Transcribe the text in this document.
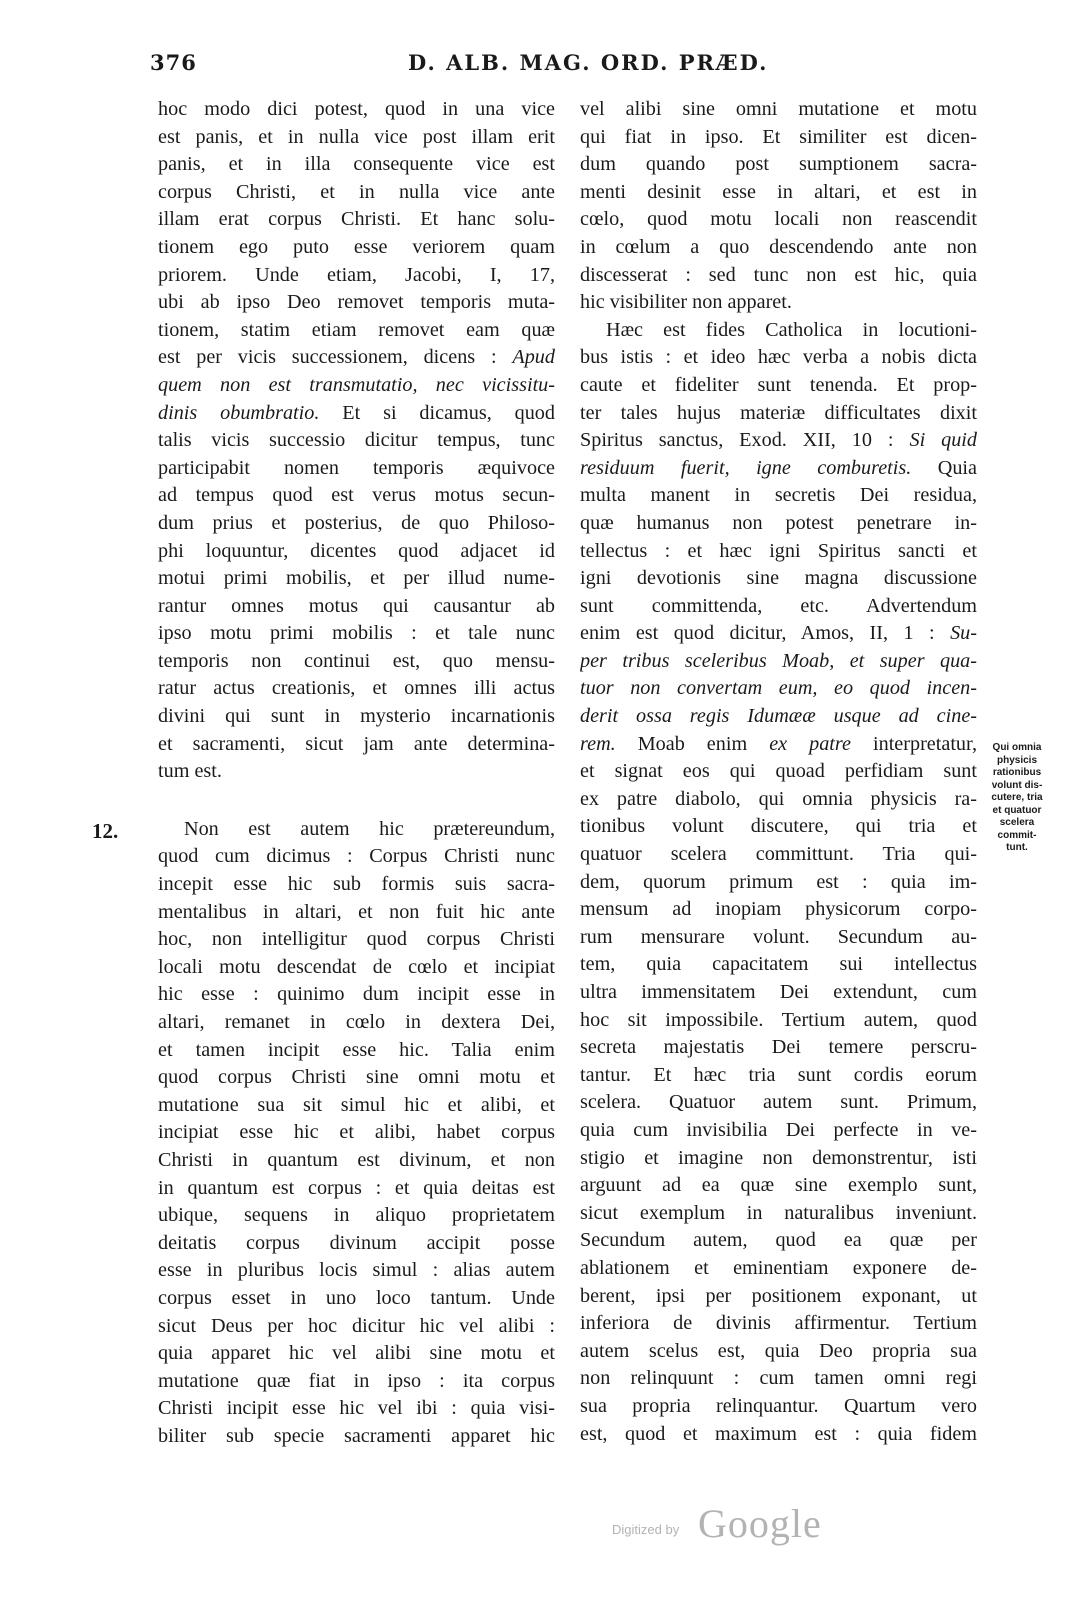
376	D. ALB. MAG. ORD. PRÆD.
hoc modo dici potest, quod in una vice
est panis, et in nulla vice post illam erit
panis, et in illa consequente vice est
corpus Christi, et in nulla vice ante
illam erat corpus Christi. Et hanc solu-
tionem ego puto esse veriorem quam
priorem. Unde etiam, Jacobi, I, 17,
ubi ab ipso Deo removet temporis muta-
tionem, statim etiam removet eam quæ
est per vicis successionem, dicens : Apud
quem non est transmutatio, nec vicissitu-
dinis obumbratio. Et si dicamus, quod
talis vicis successio dicitur tempus, tunc
participabit nomen temporis æquivoce
ad tempus quod est verus motus secun-
dum prius et posterius, de quo Philoso-
phi loquuntur, dicentes quod adjacet id
motui primi mobilis, et per illud nume-
rantur omnes motus qui causantur ab
ipso motu primi mobilis : et tale nunc
temporis non continui est, quo mensu-
ratur actus creationis, et omnes illi actus
divini qui sunt in mysterio incarnationis
et sacramenti, sicut jam ante determina-
tum est.
Non est autem hic prætereundum,
quod cum dicimus : Corpus Christi nunc
incepit esse hic sub formis suis sacra-
mentalibus in altari, et non fuit hic ante
hoc, non intelligitur quod corpus Christi
locali motu descendat de cœlo et incipiat
hic esse : quinimo dum incipit esse in
altari, remanet in cœlo in dextera Dei,
et tamen incipit esse hic. Talia enim
quod corpus Christi sine omni motu et
mutatione sua sit simul hic et alibi, et
incipiat esse hic et alibi, habet corpus
Christi in quantum est divinum, et non
in quantum est corpus : et quia deitas est
ubique, sequens in aliquo proprietatem
deitatis corpus divinum accipit posse
esse in pluribus locis simul : alias autem
corpus esset in uno loco tantum. Unde
sicut Deus per hoc dicitur hic vel alibi :
quia apparet hic vel alibi sine motu et
mutatione quæ fiat in ipso : ita corpus
Christi incipit esse hic vel ibi : quia visi-
biliter sub specie sacramenti apparet hic
12.
vel alibi sine omni mutatione et motu
qui fiat in ipso. Et similiter est dicen-
dum quando post sumptionem sacra-
menti desinit esse in altari, et est in
cœlo, quod motu locali non reascendit
in cœlum a quo descendendo ante non
discesserat : sed tunc non est hic, quia
hic visibiliter non apparet.
Hæc est fides Catholica in locutioni-
bus istis : et ideo hæc verba a nobis dicta
caute et fideliter sunt tenenda. Et prop-
ter tales hujus materiæ difficultates dixit
Spiritus sanctus, Exod. XII, 10 : Si quid
residuum fuerit, igne comburetis. Quia
multa manent in secretis Dei residua,
quæ humanus non potest penetrare in-
tellectus : et hæc igni Spiritus sancti et
igni devotionis sine magna discussione
sunt committenda, etc. Advertendum
enim est quod dicitur, Amos, II, 1 : Su-
per tribus sceleribus Moab, et super qua-
tuor non convertam eum, eo quod incen-
derit ossa regis Idumææ usque ad cine-
rem. Moab enim ex patre interpretatur,
et signat eos qui quoad perfidiam sunt
ex patre diabolo, qui omnia physicis ra-
tionibus volunt discutere, qui tria et
quatuor scelera committunt. Tria qui-
dem, quorum primum est : quia im-
mensum ad inopiam physicorum corpo-
rum mensurare volunt. Secundum au-
tem, quia capacitatem sui intellectus
ultra immensitatem Dei extendunt, cum
hoc sit impossibile. Tertium autem, quod
secreta majestatis Dei temere perscru-
tantur. Et hæc tria sunt cordis eorum
scelera. Quatuor autem sunt. Primum,
quia cum invisibilia Dei perfecte in ve-
stigio et imagine non demonstrentur, isti
arguunt ad ea quæ sine exemplo sunt,
sicut exemplum in naturalibus inveniunt.
Secundum autem, quod ea quæ per
ablationem et eminentiam exponere de-
berent, ipsi per positionem exponant, ut
inferiora de divinis affirmentur. Tertium
autem scelus est, quia Deo propria sua
non relinquunt : cum tamen omni regi
sua propria relinquantur. Quartum vero
est, quod et maximum est : quia fidem
Qui omnia
physicis
rationibus
volunt dis-
cutere, tria
et quatuor
scelera
commit-
tunt.
Digitized by Google
